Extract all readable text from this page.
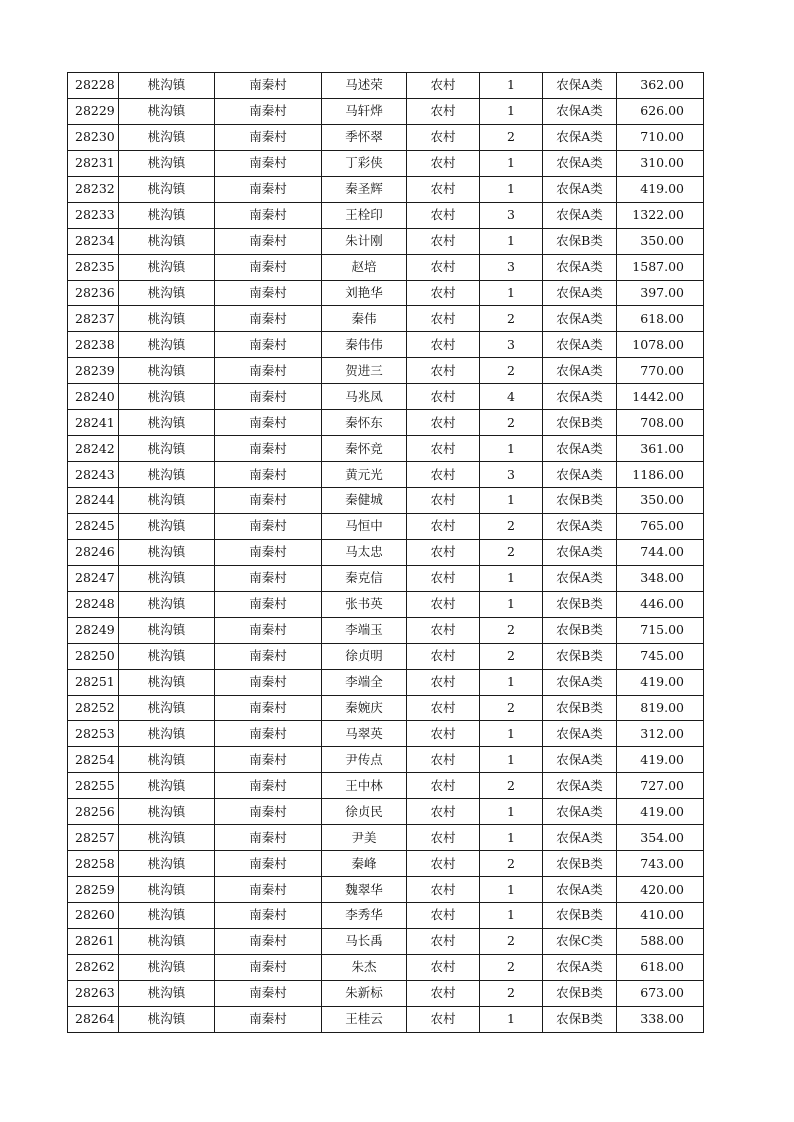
28228	桃沟镇	南秦村	马述荣	农村	1	农保A类	362.00
28229	桃沟镇	南秦村	马轩烨	农村	1	农保A类	626.00
28230	桃沟镇	南秦村	季怀翠	农村	2	农保A类	710.00
28231	桃沟镇	南秦村	丁彩侠	农村	1	农保A类	310.00
28232	桃沟镇	南秦村	秦圣辉	农村	1	农保A类	419.00
28233	桃沟镇	南秦村	王栓印	农村	3	农保A类	1322.00
28234	桃沟镇	南秦村	朱计刚	农村	1	农保B类	350.00
28235	桃沟镇	南秦村	赵培	农村	3	农保A类	1587.00
28236	桃沟镇	南秦村	刘艳华	农村	1	农保A类	397.00
28237	桃沟镇	南秦村	秦伟	农村	2	农保A类	618.00
28238	桃沟镇	南秦村	秦伟伟	农村	3	农保A类	1078.00
28239	桃沟镇	南秦村	贺进三	农村	2	农保A类	770.00
28240	桃沟镇	南秦村	马兆凤	农村	4	农保A类	1442.00
28241	桃沟镇	南秦村	秦怀东	农村	2	农保B类	708.00
28242	桃沟镇	南秦村	秦怀竞	农村	1	农保A类	361.00
28243	桃沟镇	南秦村	黄元光	农村	3	农保A类	1186.00
28244	桃沟镇	南秦村	秦健城	农村	1	农保B类	350.00
28245	桃沟镇	南秦村	马恒中	农村	2	农保A类	765.00
28246	桃沟镇	南秦村	马太忠	农村	2	农保A类	744.00
28247	桃沟镇	南秦村	秦克信	农村	1	农保A类	348.00
28248	桃沟镇	南秦村	张书英	农村	1	农保B类	446.00
28249	桃沟镇	南秦村	李端玉	农村	2	农保B类	715.00
28250	桃沟镇	南秦村	徐贞明	农村	2	农保B类	745.00
28251	桃沟镇	南秦村	李端全	农村	1	农保A类	419.00
28252	桃沟镇	南秦村	秦婉庆	农村	2	农保B类	819.00
28253	桃沟镇	南秦村	马翠英	农村	1	农保A类	312.00
28254	桃沟镇	南秦村	尹传点	农村	1	农保A类	419.00
28255	桃沟镇	南秦村	王中林	农村	2	农保A类	727.00
28256	桃沟镇	南秦村	徐贞民	农村	1	农保A类	419.00
28257	桃沟镇	南秦村	尹美	农村	1	农保A类	354.00
28258	桃沟镇	南秦村	秦峰	农村	2	农保B类	743.00
28259	桃沟镇	南秦村	魏翠华	农村	1	农保A类	420.00
28260	桃沟镇	南秦村	李秀华	农村	1	农保B类	410.00
28261	桃沟镇	南秦村	马长禹	农村	2	农保C类	588.00
28262	桃沟镇	南秦村	朱杰	农村	2	农保A类	618.00
28263	桃沟镇	南秦村	朱新标	农村	2	农保B类	673.00
28264	桃沟镇	南秦村	王桂云	农村	1	农保B类	338.00
